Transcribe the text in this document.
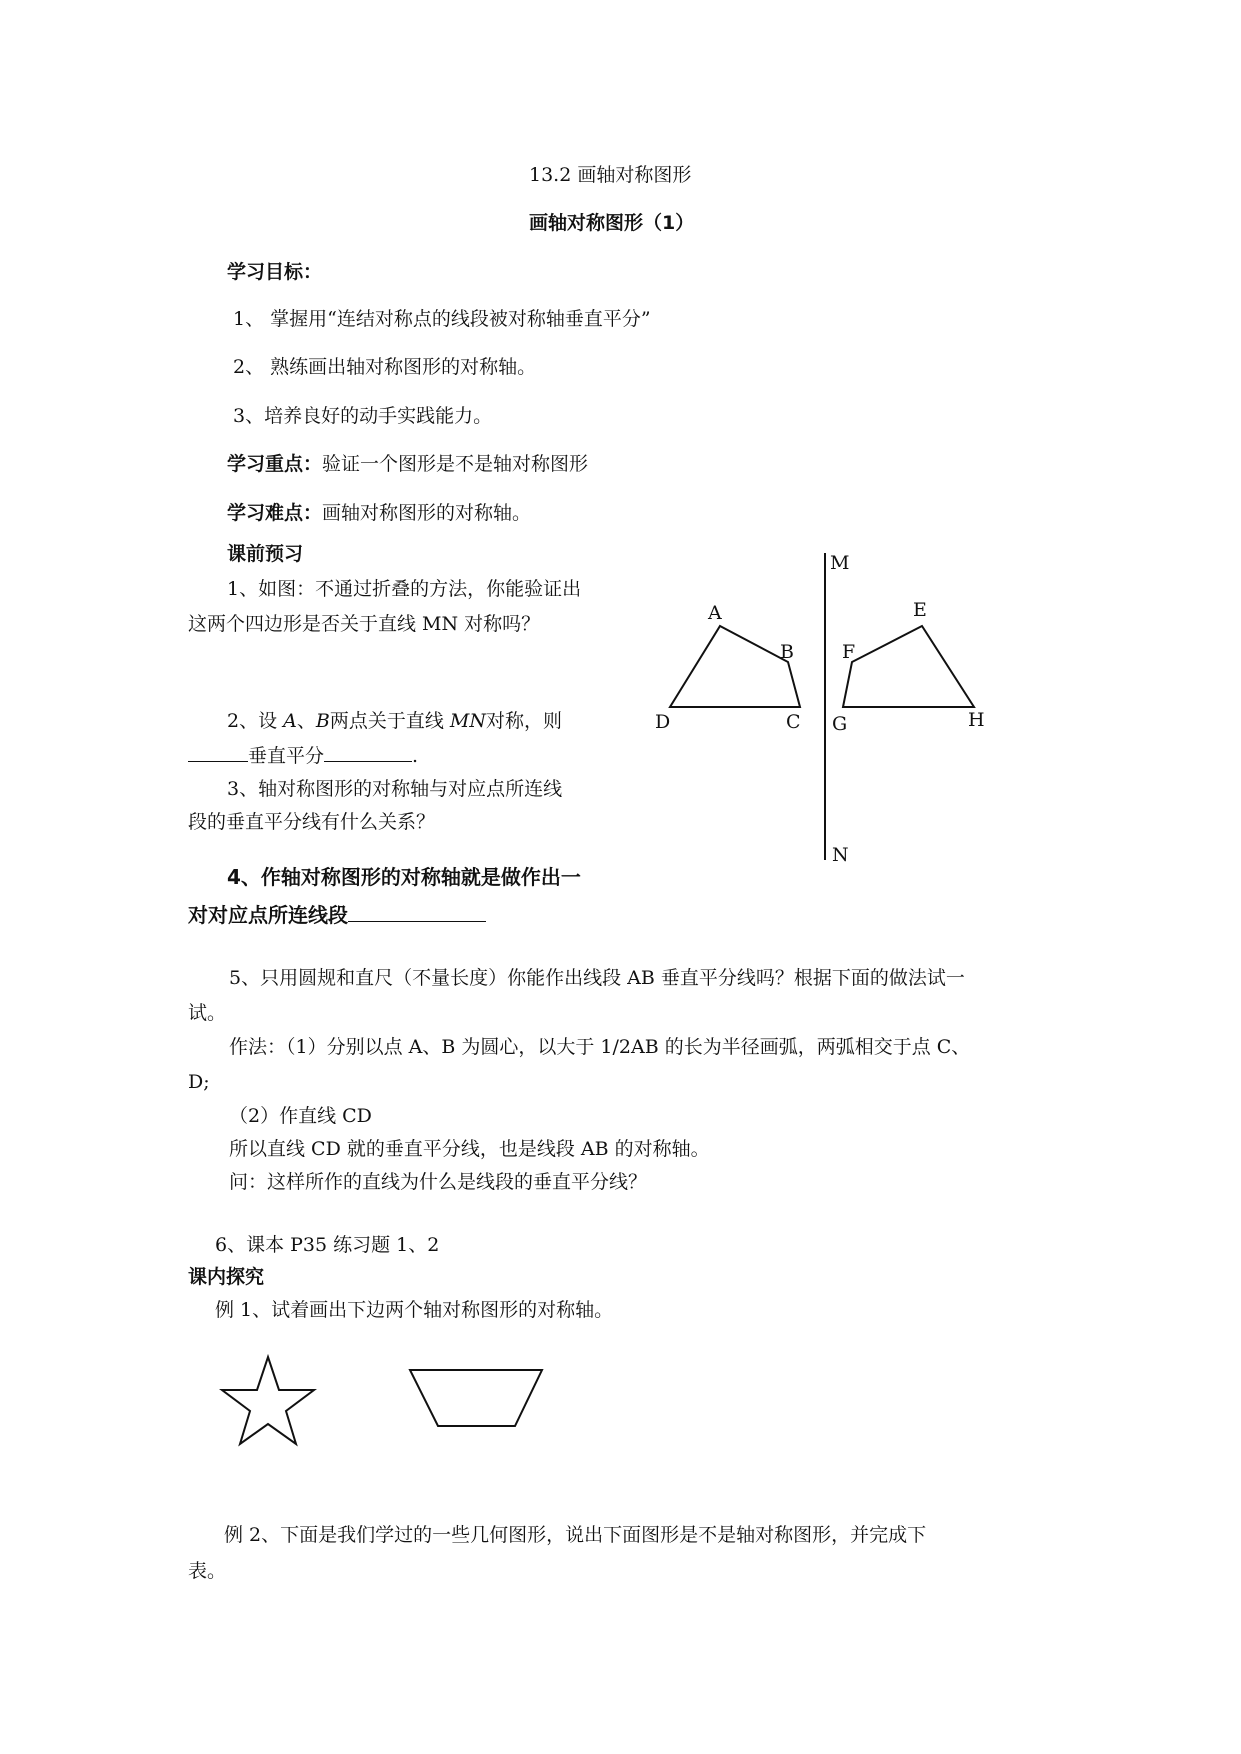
13.2 画轴对称图形
画轴对称图形（1）
学习目标：
1、 掌握用“连结对称点的线段被对称轴垂直平分”
2、 熟练画出轴对称图形的对称轴。
3、培养良好的动手实践能力。
学习重点：验证一个图形是不是轴对称图形
学习难点：画轴对称图形的对称轴。
课前预习
1、如图：不通过折叠的方法，你能验证出
这两个四边形是否关于直线 MN 对称吗？
2、设 A、B两点关于直线 MN对称，则
垂直平分	.
3、轴对称图形的对称轴与对应点所连线
段的垂直平分线有什么关系？
4、作轴对称图形的对称轴就是做作出一
对对应点所连线段
5、只用圆规和直尺（不量长度）你能作出线段 AB 垂直平分线吗？根据下面的做法试一
试。
作法：（1）分别以点 A、B 为圆心，以大于 1/2AB 的长为半径画弧，两弧相交于点 C、
D;
（2）作直线 CD
所以直线 CD 就的垂直平分线，也是线段 AB 的对称轴。
问：这样所作的直线为什么是线段的垂直平分线？
6、课本 P35 练习题 1、2
课内探究
例 1、试着画出下边两个轴对称图形的对称轴。
例 2、下面是我们学过的一些几何图形，说出下面图形是不是轴对称图形，并完成下
表。
M
N
A
B
C
D
E
F
G	H
